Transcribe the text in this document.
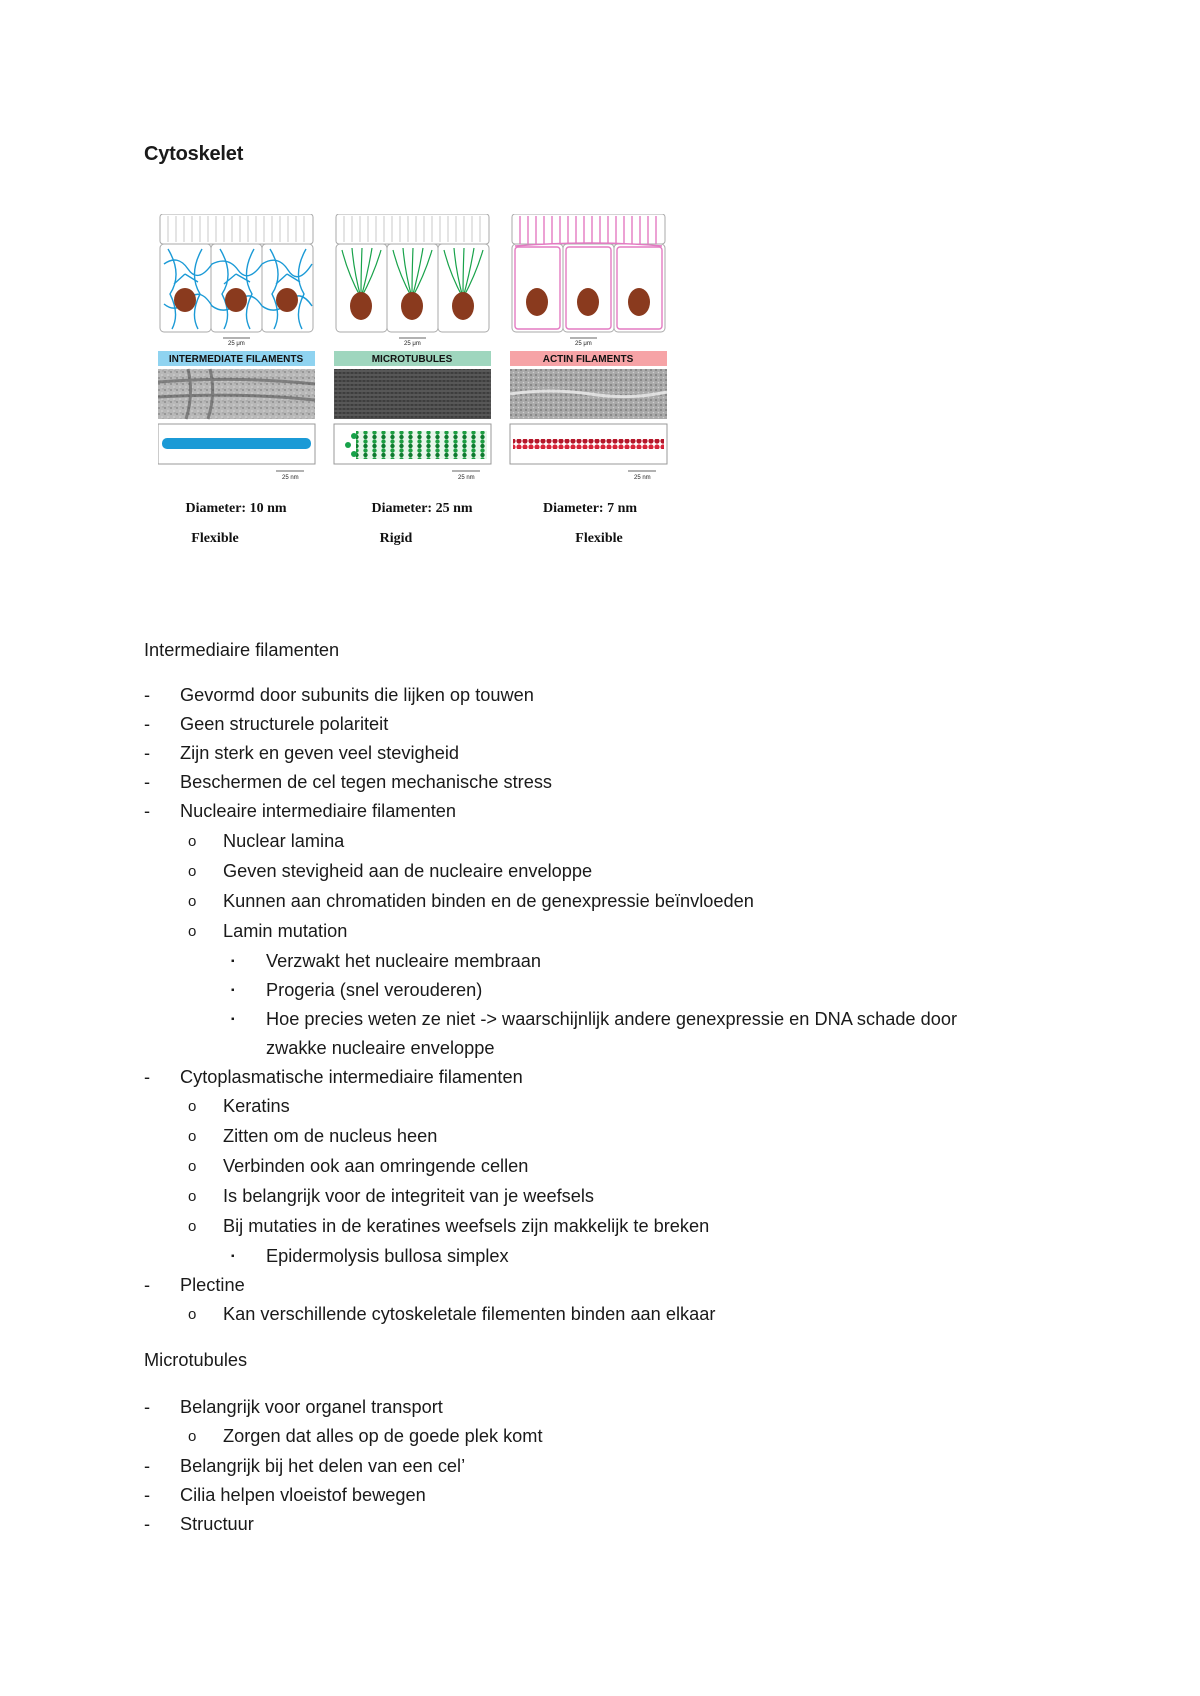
Cytoskelet
25 μm
INTERMEDIATE FILAMENTS
25 nm
Diameter: 10 nm
Flexible
25 μm
MICROTUBULES
25 nm
Diameter: 25 nm
Rigid
25 μm
ACTIN FILAMENTS
25 nm
Diameter: 7 nm
Flexible
Intermediaire filamenten
-	Gevormd door subunits die lijken op touwen
-	Geen structurele polariteit
-	Zijn sterk en geven veel stevigheid
-	Beschermen de cel tegen mechanische stress
-	Nucleaire intermediaire filamenten
o Nuclear lamina
o Geven stevigheid aan de nucleaire enveloppe
o Kunnen aan chromatiden binden en de genexpressie beïnvloeden
o Lamin mutation
▪ Verzwakt het nucleaire membraan
▪ Progeria (snel verouderen)
▪ Hoe precies weten ze niet -> waarschijnlijk andere genexpressie en DNA schade door
zwakke nucleaire enveloppe
-	Cytoplasmatische intermediaire filamenten
o Keratins
o Zitten om de nucleus heen
o Verbinden ook aan omringende cellen
o Is belangrijk voor de integriteit van je weefsels
o Bij mutaties in de keratines weefsels zijn makkelijk te breken
▪ Epidermolysis bullosa simplex
-	Plectine
o Kan verschillende cytoskeletale filementen binden aan elkaar
Microtubules
-	Belangrijk voor organel transport
o Zorgen dat alles op de goede plek komt
-	Belangrijk bij het delen van een cel’
-	Cilia helpen vloeistof bewegen
-	Structuur
